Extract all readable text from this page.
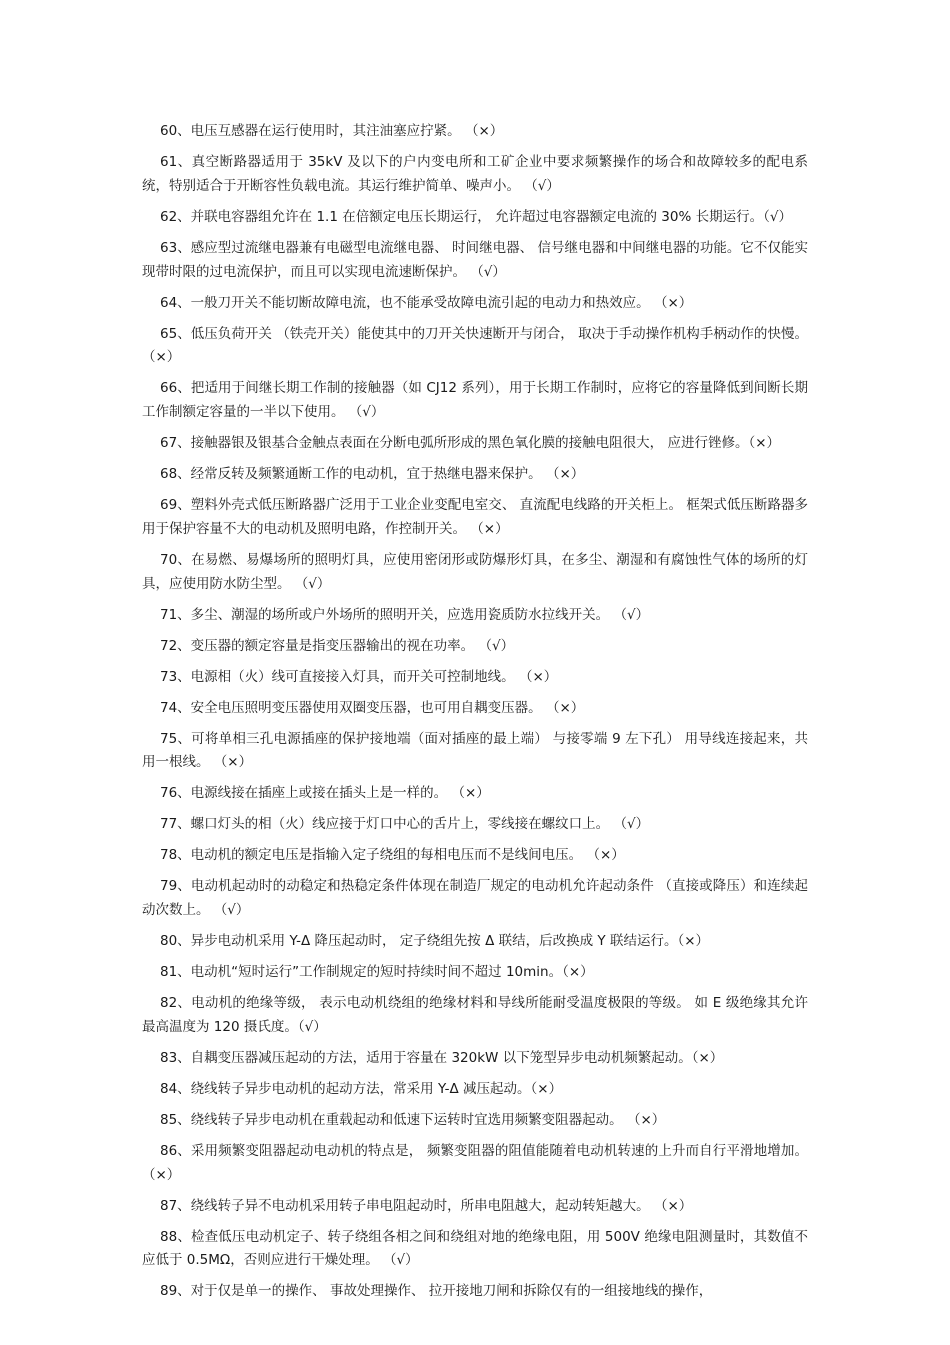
60、电压互感器在运行使用时，其注油塞应拧紧。 （×）

61、真空断路器适用于 35kV 及以下的户内变电所和工矿企业中要求频繁操作的场合和故障较多的配电系统，特别适合于开断容性负载电流。其运行维护简单、噪声小。 （√）

62、并联电容器组允许在 1.1 在倍额定电压长期运行， 允许超过电容器额定电流的 30% 长期运行。（√）

63、感应型过流继电器兼有电磁型电流继电器、 时间继电器、 信号继电器和中间继电器的功能。它不仅能实现带时限的过电流保护，而且可以实现电流速断保护。 （√）

64、一般刀开关不能切断故障电流，也不能承受故障电流引起的电动力和热效应。 （×）

65、低压负荷开关 （铁壳开关）能使其中的刀开关快速断开与闭合， 取决于手动操作机构手柄动作的快慢。 （×）

66、把适用于间继长期工作制的接触器（如 CJ12 系列），用于长期工作制时，应将它的容量降低到间断长期工作制额定容量的一半以下使用。 （√）

67、接触器银及银基合金触点表面在分断电弧所形成的黑色氧化膜的接触电阻很大， 应进行锉修。（×）

68、经常反转及频繁通断工作的电动机，宜于热继电器来保护。 （×）

69、塑料外壳式低压断路器广泛用于工业企业变配电室交、 直流配电线路的开关柜上。 框架式低压断路器多用于保护容量不大的电动机及照明电路，作控制开关。 （×）

70、在易燃、易爆场所的照明灯具，应使用密闭形或防爆形灯具，在多尘、潮湿和有腐蚀性气体的场所的灯具，应使用防水防尘型。 （√）

71、多尘、潮湿的场所或户外场所的照明开关，应选用瓷质防水拉线开关。 （√）

72、变压器的额定容量是指变压器输出的视在功率。 （√）

73、电源相（火）线可直接接入灯具，而开关可控制地线。 （×）

74、安全电压照明变压器使用双圈变压器，也可用自耦变压器。 （×）

75、可将单相三孔电源插座的保护接地端（面对插座的最上端） 与接零端 9 左下孔） 用导线连接起来，共用一根线。 （×）

76、电源线接在插座上或接在插头上是一样的。 （×）

77、螺口灯头的相（火）线应接于灯口中心的舌片上，零线接在螺纹口上。 （√）

78、电动机的额定电压是指输入定子绕组的每相电压而不是线间电压。 （×）

79、电动机起动时的动稳定和热稳定条件体现在制造厂规定的电动机允许起动条件 （直接或降压）和连续起动次数上。 （√）

80、异步电动机采用 Y-Δ 降压起动时， 定子绕组先按 Δ 联结，后改换成 Y 联结运行。（×）

81、电动机“短时运行”工作制规定的短时持续时间不超过 10min。（×）

82、电动机的绝缘等级， 表示电动机绕组的绝缘材料和导线所能耐受温度极限的等级。 如 E 级绝缘其允许最高温度为 120 摄氏度。（√）

83、自耦变压器减压起动的方法，适用于容量在 320kW 以下笼型异步电动机频繁起动。（×）

84、绕线转子异步电动机的起动方法，常采用 Y-Δ 减压起动。（×）

85、绕线转子异步电动机在重载起动和低速下运转时宜选用频繁变阻器起动。 （×）

86、采用频繁变阻器起动电动机的特点是， 频繁变阻器的阻值能随着电动机转速的上升而自行平滑地增加。 （×）

87、绕线转子异不电动机采用转子串电阻起动时，所串电阻越大，起动转矩越大。 （×）

88、检查低压电动机定子、转子绕组各相之间和绕组对地的绝缘电阻，用 500V 绝缘电阻测量时，其数值不应低于 0.5MΩ，否则应进行干燥处理。 （√）

89、对于仅是单一的操作、 事故处理操作、 拉开接地刀闸和拆除仅有的一组接地线的操作，
